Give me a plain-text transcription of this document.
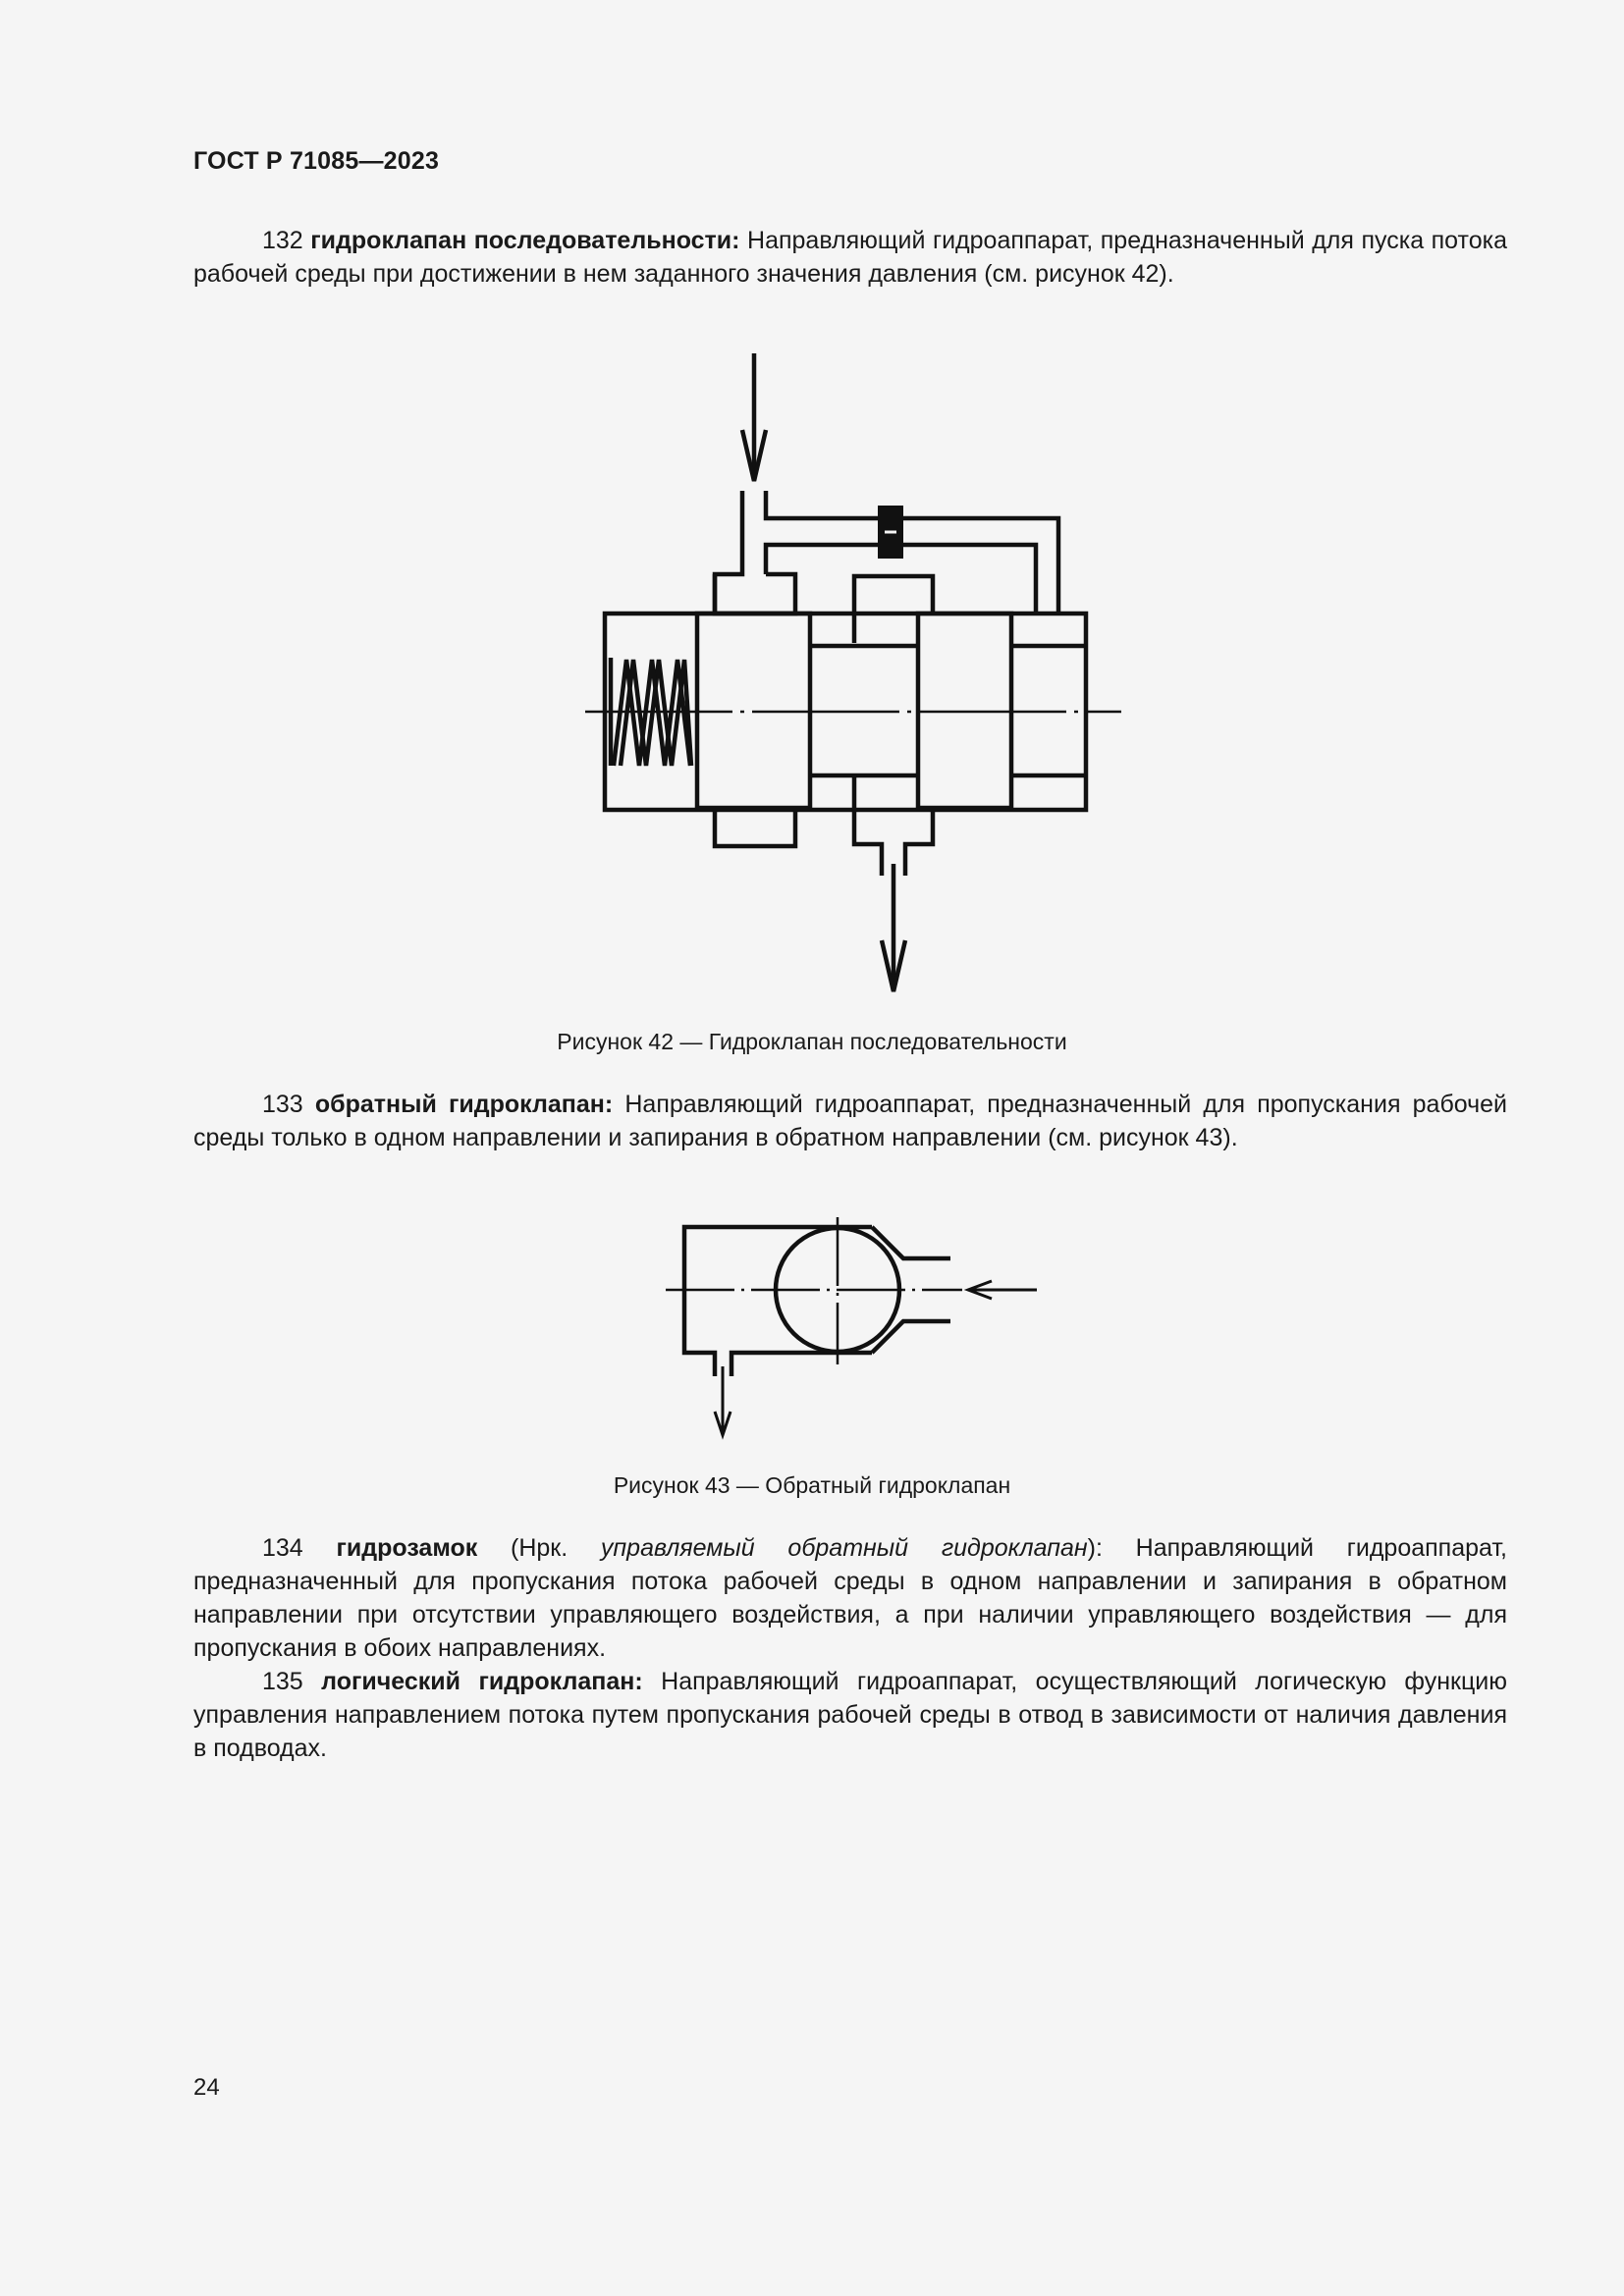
ГОСТ Р 71085—2023

132 гидроклапан последовательности: Направляющий гидроаппарат, предназначенный для пуска потока рабочей среды при достижении в нем заданного значения давления (см. рисунок 42).

Рисунок 42 — Гидроклапан последовательности

133 обратный гидроклапан: Направляющий гидроаппарат, предназначенный для пропускания рабочей среды только в одном направлении и запирания в обратном направлении (см. рисунок 43).

Рисунок 43 — Обратный гидроклапан

134 гидрозамок (Нрк. управляемый обратный гидроклапан): Направляющий гидроаппарат, предназначенный для пропускания потока рабочей среды в одном направлении и запирания в обратном направлении при отсутствии управляющего воздействия, а при наличии управляющего воздействия — для пропускания в обоих направлениях.

135 логический гидроклапан: Направляющий гидроаппарат, осуществляющий логическую функцию управления направлением потока путем пропускания рабочей среды в отвод в зависимости от наличия давления в подводах.

24
